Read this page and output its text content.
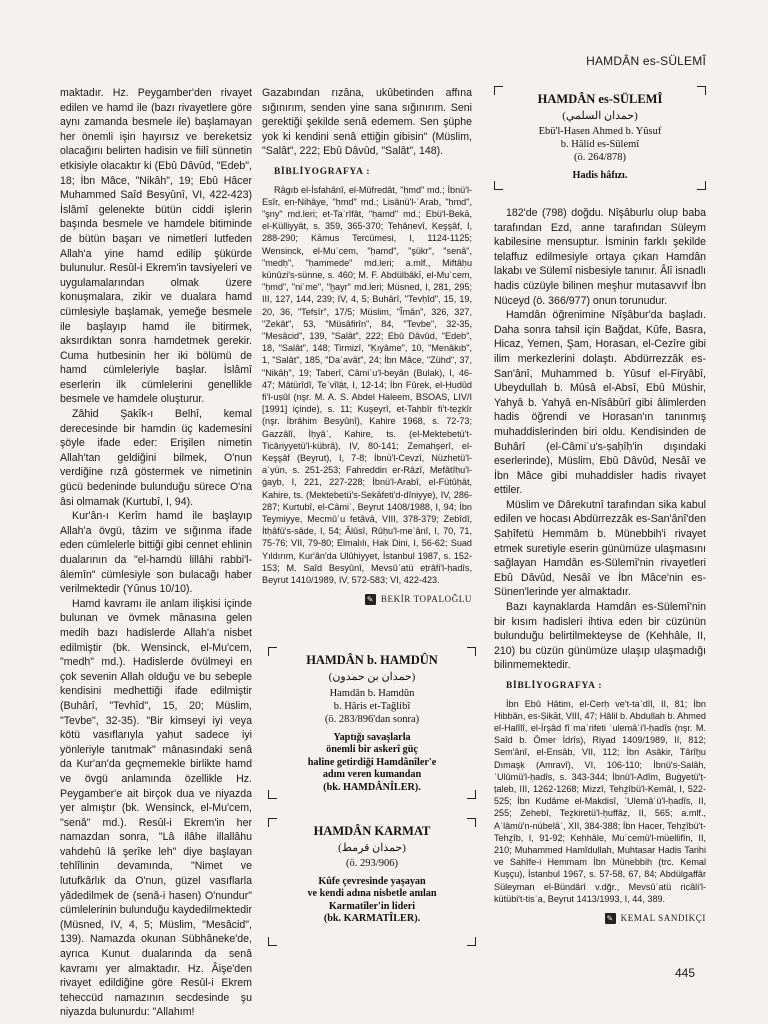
HAMDÂN es-SÜLEMÎ

maktadır. Hz. Peygamber'den rivayet edilen ve hamd ile (bazı rivayetlere göre aynı zamanda besmele ile) başlamayan her önemli işin hayırsız ve bereketsiz olacağını belirten hadisin ve fiilî sünnetin etkisiyle olacaktır ki (Ebû Dâvûd, "Edeb", 18; İbn Mâce, "Nikâh", 19; Ebû Hâcer Muhammed Saîd Besyûnî, VI, 422-423) İslâmî gelenekte bütün ciddi işlerin başında besmele ve hamdele bitiminde de bütün başarı ve nimetleri lutfeden Allah'a yine hamd edilip şükürde bulunulur. Resûl-i Ekrem'in tavsiyeleri ve uygulamalarından olmak üzere konuşmalara, zikir ve dualara hamd cümlesiyle başlamak, yemeğe besmele ile başlayıp hamd ile bitirmek, aksırdıktan sonra hamdetmek gerekir. Cuma hutbesinin her iki bölümü de hamd cümleleriyle başlar. İslâmî eserlerin ilk cümlelerini genellikle besmele ve hamdele oluşturur.

Zâhid Şakîk-ı Belhî, kemal derecesinde bir hamdin üç kademesini şöyle ifade eder: Erişilen nimetin Allah'tan geldiğini bilmek, O'nun verdiğine rızâ göstermek ve nimetinin gücü bedeninde bulunduğu sürece O'na âsi olmamak (Kurtubî, I, 94).

Kur'ân-ı Kerîm hamd ile başlayıp Allah'a övgü, tâzim ve sığınma ifade eden cümlelerle bittiği gibi cennet ehlinin dualarının da "el-hamdü lillâhi rabbi'l-âlemîn" cümlesiyle son bulacağı haber verilmektedir (Yûnus 10/10).

Hamd kavramı ile anlam ilişkisi içinde bulunan ve övmek mânasına gelen medih bazı hadislerde Allah'a nisbet edilmiştir (bk. Wensinck, el-Mu'cem, "medh" md.). Hadislerde övülmeyi en çok sevenin Allah olduğu ve bu sebeple kendisini medhettiği ifade edilmiştir (Buhârî, "Tevhîd", 15, 20; Müslim, "Tevbe", 32-35). "Bir kimseyi iyi veya kötü vasıflarıyla yahut sadece iyi yönleriyle tanıtmak" mânasındaki senâ da Kur'an'da geçmemekle birlikte hamd ve övgü anlamında özellikle Hz. Peygamber'e ait birçok dua ve niyazda yer almıştır (bk. Wensinck, el-Mu'cem, "senâ" md.). Resûl-i Ekrem'in her namazdan sonra, "Lâ ilâhe illallâhu vahdehû lâ şerîke leh" diye başlayan tehlîlinin devamında, "Nimet ve lutufkârlık da O'nun, güzel vasıflarla yâdedilmek de (senâ-i hasen) O'nundur" cümlelerinin bulunduğu kaydedilmektedir (Müsned, IV, 4, 5; Müslim, "Mesâcid", 139). Namazda okunan Sübhâneke'de, ayrıca Kunut dualarında da senâ kavramı yer almaktadır. Hz. Âişe'den rivayet edildiğine göre Resûl-i Ekrem teheccüd namazının secdesinde şu niyazda bulunurdu: "Allahım!

Gazabından rızâna, ukûbetinden affına sığınırım, senden yine sana sığınırım. Seni gerektiği şekilde senâ edemem. Sen şüphe yok ki kendini senâ ettiğin gibisin" (Müslim, "Salât", 222; Ebû Dâvûd, "Salât", 148).

BİBLİYOGRAFYA :

Râgıb el-İsfahânî, el-Müfredât, "ḥmd" md.; İbnü'l-Esîr, en-Nihâye, "ḥmd" md.; Lisânü'l-ʿArab, "ḥmd", "şny" md.leri; et-Taʿrîfât, "ḥamd" md.; Ebü'l-Bekā, el-Külliyyât, s. 359, 365-370; Tehânevî, Keşşâf, I, 288-290; Kāmus Tercümesi, I, 1124-1125; Wensinck, el-Muʿcem, "ḥamd", "şükr", "senâ", "medḥ", "ḥammede" md.leri; a.mlf., Miftâḥu künûzi's-sünne, s. 460; M. F. Abdülbâkī, el-Muʿcem, "ḥmd", "niʿme", "ḫayr" md.leri; Müsned, I, 281, 295; III, 127, 144, 239; IV, 4, 5; Buhârî, "Tevḥîd", 15, 19, 20, 36, "Tefsîr", 17/5; Müslim, "Îmân", 326, 327, "Zekât", 53, "Müsâfirîn", 84, "Tevbe", 32-35, "Mesâcid", 139, "Salât", 222; Ebû Dâvûd, "Edeb", 18, "Salât", 148; Tirmizî, "Ḳıyâme", 10, "Menâkıb", 1, "Salât", 185, "Daʿavât", 24; İbn Mâce, "Zühd", 37, "Nikâḥ", 19; Taberî, Câmiʿu'l-beyân (Bulak), I, 46-47; Mâtürîdî, Teʾvîlât, I, 12-14; İbn Fûrek, el-Ḥudûd fi'l-uṣûl (nşr. M. A. S. Abdel Haleem, BSOAS, LIV/I [1991] içinde), s. 11; Kuşeyrî, et-Taḥbîr fi't-teẕkîr (nşr. İbrâhim Besyûnî), Kahire 1968, s. 72-73; Gazzâlî, İḥyâʾ, Kahire, ts. (el-Mektebetü't-Ticâriyyetü'l-kübrâ), IV, 80-141; Zemahşerî, el-Keşşâf (Beyrut), I, 7-8; İbnü'l-Cevzî, Nüzhetü'l-aʿyün, s. 251-253; Fahreddin er-Râzî, Mefâtîḥu'l-ġayb, I, 221, 227-228; İbnü'l-Arabî, el-Fütûḥât, Kahire, ts. (Mektebetü's-Sekāfeti'd-dîniyye), IV, 286-287; Kurtubî, el-Câmiʿ, Beyrut 1408/1988, I, 94; İbn Teymiyye, Mecmûʿu fetâvâ, VIII, 378-379; Zebîdî, İtḥâfü's-sâde, I, 54; Âlûsî, Rûḥu'l-meʿânî, I, 70, 71, 75-76; VII, 79-80; Elmalılı, Hak Dini, I, 56-62; Suad Yıldırım, Kur'ân'da Ulûhiyyet, İstanbul 1987, s. 152-153; M. Saîd Besyûnî, Mevsûʿatü eṭrâfi'l-ḥadîs, Beyrut 1410/1989, IV, 572-583; VI, 422-423.

✎ BEKİR TOPALOĞLU
HAMDÂN b. HAMDÛN
(حمدان بن حمدون)
Hamdân b. Hamdûn
b. Hâris et-Tağlibî
(ö. 283/896'dan sonra)
Yaptığı savaşlarla
önemli bir askerî güç
haline getirdiği Hamdânîler'e
adını veren kumandan
(bk. HAMDÂNÎLER).
HAMDÂN KARMAT
(حمدان قرمط)
(ö. 293/906)
Kûfe çevresinde yaşayan
ve kendi adına nisbetle anılan
Karmatîler'in lideri
(bk. KARMATÎLER).
HAMDÂN es-SÜLEMÎ
(حمدان السلمي)
Ebü'l-Hasen Ahmed b. Yûsuf
b. Hâlid es-Sülemî
(ö. 264/878)
Hadis hâfızı.

182'de (798) doğdu. Nîşâburlu olup baba tarafından Ezd, anne tarafından Süleym kabilesine mensuptur. İsminin farklı şekilde telaffuz edilmesiyle ortaya çıkan Hamdân lakabı ve Sülemî nisbesiyle tanınır. Âlî isnadlı hadis cüzüyle bilinen meşhur mutasavvıf İbn Nüceyd (ö. 366/977) onun torunudur.

Hamdân öğrenimine Nîşâbur'da başladı. Daha sonra tahsil için Bağdat, Kûfe, Basra, Hicaz, Yemen, Şam, Horasan, el-Cezîre gibi ilim merkezlerini dolaştı. Abdürrezzâk es-San'ânî, Muhammed b. Yûsuf el-Firyâbî, Ubeydullah b. Mûsâ el-Absî, Ebû Müshir, Yahyâ b. Yahyâ en-Nîsâbûrî gibi âlimlerden hadis öğrendi ve Horasan'ın tanınmış muhaddislerinden biri oldu. Kendisinden de Buhârî (el-Câmiʿu's-ṣaḥîḥ'in dışındaki eserlerinde), Müslim, Ebû Dâvûd, Nesâî ve İbn Mâce gibi muhaddisler hadis rivayet ettiler.

Müslim ve Dârekutnî tarafından sika kabul edilen ve hocası Abdürrezzâk es-San'ânî'den Ṣaḥîfetü Hemmâm b. Münebbih'i rivayet etmek suretiyle eserin günümüze ulaşmasını sağlayan Hamdân es-Sülemî'nin rivayetleri Ebû Dâvûd, Nesâî ve İbn Mâce'nin es-Sünen'lerinde yer almaktadır.

Bazı kaynaklarda Hamdân es-Sülemî'nin bir kısım hadisleri ihtiva eden bir cüzünün bulunduğu belirtilmekteyse de (Kehhâle, II, 210) bu cüzün günümüze ulaşıp ulaşmadığı bilinmemektedir.

BİBLİYOGRAFYA :

İbn Ebû Hâtim, el-Cerḥ ve't-taʿdîl, II, 81; İbn Hibbân, es-Ṣiḳāt, VIII, 47; Hâlil b. Abdullah b. Ahmed el-Halîlî, el-İrşâd fî maʿrifeti ʿulemâʾi'l-ḥadîs (nşr. M. Saîd b. Ömer İdrîs), Riyad 1409/1989, II, 812; Sem'ânî, el-Ensâb, VII, 112; İbn Asâkir, Târîḫu Dımaşḳ (Amravî), VI, 106-110; İbnü's-Salâh, ʿUlûmü'l-ḥadîs, s. 343-344; İbnü'l-Adîm, Buġyetü'ṭ-ṭaleb, III, 1262-1268; Mizzî, Tehẕîbü'l-Kemâl, I, 522-525; İbn Kudâme el-Makdisî, ʿUlemâʾü'l-ḥadîs, II, 255; Zehebî, Teẕkiretü'l-ḥuffâẓ, II, 565; a.mlf., Aʿlâmü'n-nübelâʾ, XII, 384-388; İbn Hacer, Tehẕîbü't-Tehẕîb, I, 91-92; Kehhâle, Muʿcemü'l-müellifîn, II, 210; Muhammed Hamîdullah, Muhtasar Hadis Tarihi ve Sahîfe-i Hemmam İbn Münebbih (trc. Kemal Kuşçu), İstanbul 1967, s. 57-58, 67, 84; Abdülgaffâr Süleyman el-Bündârî v.dğr., Mevsûʿatü ricâli'l-kütübi't-tisʿa, Beyrut 1413/1993, I, 44, 389.

✎ KEMAL SANDIKÇI
445
